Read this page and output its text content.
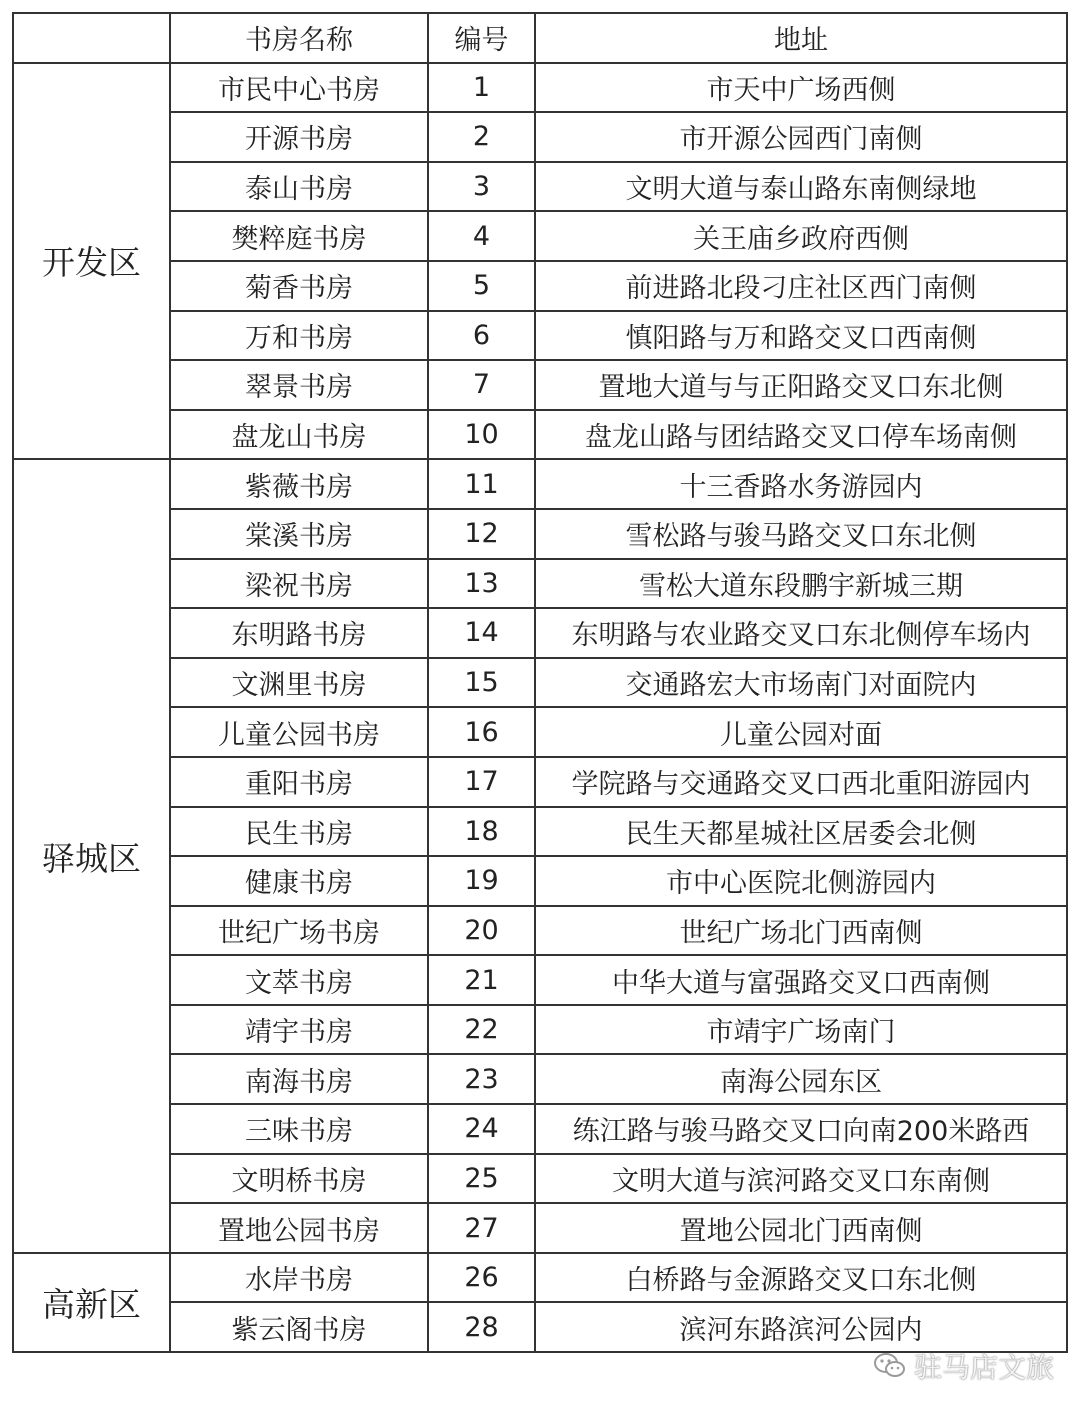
	书房名称	编号	地址
开发区	市民中心书房	1	市天中广场西侧
	开源书房	2	市开源公园西门南侧
	泰山书房	3	文明大道与泰山路东南侧绿地
	樊粹庭书房	4	关王庙乡政府西侧
	菊香书房	5	前进路北段刁庄社区西门南侧
	万和书房	6	慎阳路与万和路交叉口西南侧
	翠景书房	7	置地大道与与正阳路交叉口东北侧
	盘龙山书房	10	盘龙山路与团结路交叉口停车场南侧
驿城区	紫薇书房	11	十三香路水务游园内
	棠溪书房	12	雪松路与骏马路交叉口东北侧
	梁祝书房	13	雪松大道东段鹏宇新城三期
	东明路书房	14	东明路与农业路交叉口东北侧停车场内
	文渊里书房	15	交通路宏大市场南门对面院内
	儿童公园书房	16	儿童公园对面
	重阳书房	17	学院路与交通路交叉口西北重阳游园内
	民生书房	18	民生天都星城社区居委会北侧
	健康书房	19	市中心医院北侧游园内
	世纪广场书房	20	世纪广场北门西南侧
	文萃书房	21	中华大道与富强路交叉口西南侧
	靖宇书房	22	市靖宇广场南门
	南海书房	23	南海公园东区
	三味书房	24	练江路与骏马路交叉口向南200米路西
	文明桥书房	25	文明大道与滨河路交叉口东南侧
	置地公园书房	27	置地公园北门西南侧
高新区	水岸书房	26	白桥路与金源路交叉口东北侧
	紫云阁书房	28	滨河东路滨河公园内
驻马店文旅
